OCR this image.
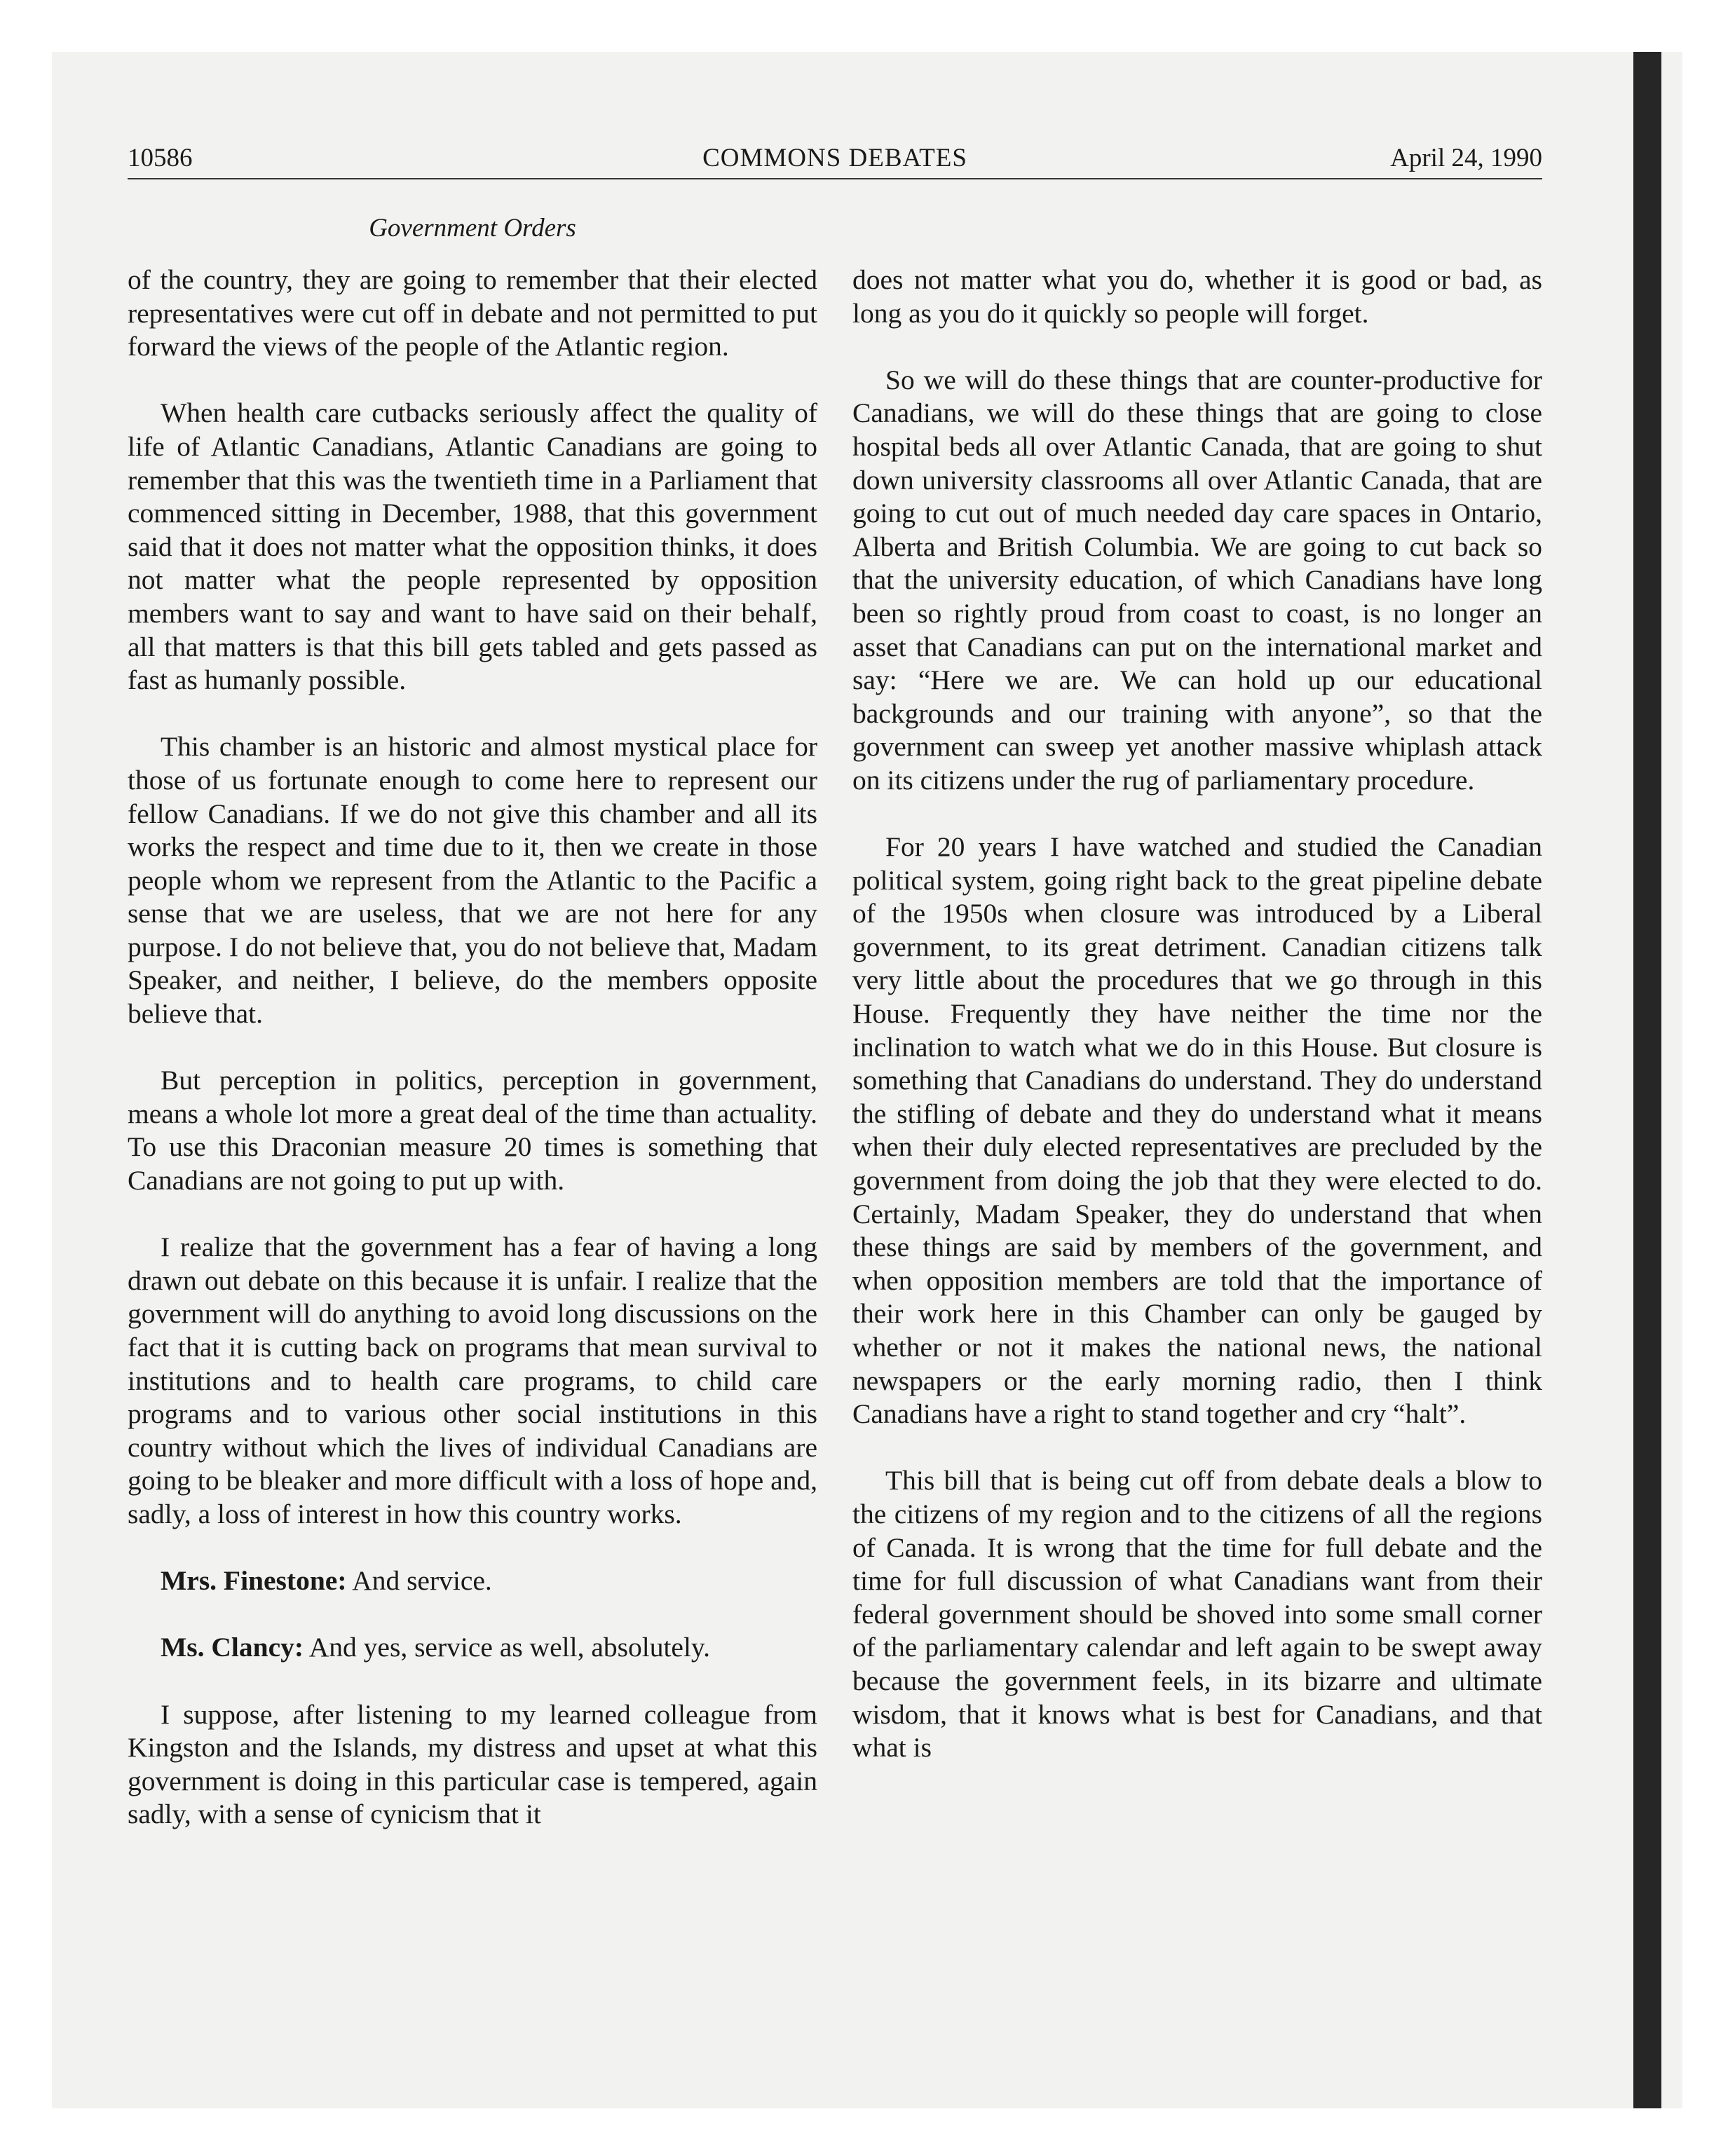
10586	COMMONS DEBATES	April 24, 1990
Government Orders

of the country, they are going to remember that their elected representatives were cut off in debate and not permitted to put forward the views of the people of the Atlantic region.

When health care cutbacks seriously affect the quality of life of Atlantic Canadians, Atlantic Canadians are going to remember that this was the twentieth time in a Parliament that commenced sitting in December, 1988, that this government said that it does not matter what the opposition thinks, it does not matter what the people represented by opposition members want to say and want to have said on their behalf, all that matters is that this bill gets tabled and gets passed as fast as humanly possible.

This chamber is an historic and almost mystical place for those of us fortunate enough to come here to represent our fellow Canadians. If we do not give this chamber and all its works the respect and time due to it, then we create in those people whom we represent from the Atlantic to the Pacific a sense that we are useless, that we are not here for any purpose. I do not believe that, you do not believe that, Madam Speaker, and neither, I believe, do the members opposite believe that.

But perception in politics, perception in government, means a whole lot more a great deal of the time than actuality. To use this Draconian measure 20 times is something that Canadians are not going to put up with.

I realize that the government has a fear of having a long drawn out debate on this because it is unfair. I realize that the government will do anything to avoid long discussions on the fact that it is cutting back on programs that mean survival to institutions and to health care programs, to child care programs and to various other social institutions in this country without which the lives of individual Canadians are going to be bleaker and more difficult with a loss of hope and, sadly, a loss of interest in how this country works.

Mrs. Finestone: And service.

Ms. Clancy: And yes, service as well, absolutely.

I suppose, after listening to my learned colleague from Kingston and the Islands, my distress and upset at what this government is doing in this particular case is tempered, again sadly, with a sense of cynicism that it

does not matter what you do, whether it is good or bad, as long as you do it quickly so people will forget.

So we will do these things that are counter-productive for Canadians, we will do these things that are going to close hospital beds all over Atlantic Canada, that are going to shut down university classrooms all over Atlantic Canada, that are going to cut out of much needed day care spaces in Ontario, Alberta and British Columbia. We are going to cut back so that the university education, of which Canadians have long been so rightly proud from coast to coast, is no longer an asset that Canadians can put on the international market and say: “Here we are. We can hold up our educational backgrounds and our training with anyone”, so that the government can sweep yet another massive whiplash attack on its citizens under the rug of parliamentary procedure.

For 20 years I have watched and studied the Canadian political system, going right back to the great pipeline debate of the 1950s when closure was introduced by a Liberal government, to its great detriment. Canadian citizens talk very little about the procedures that we go through in this House. Frequently they have neither the time nor the inclination to watch what we do in this House. But closure is something that Canadians do understand. They do understand the stifling of debate and they do understand what it means when their duly elected representatives are precluded by the government from doing the job that they were elected to do. Certainly, Madam Speaker, they do understand that when these things are said by members of the government, and when opposition members are told that the importance of their work here in this Chamber can only be gauged by whether or not it makes the national news, the national newspapers or the early morning radio, then I think Canadians have a right to stand together and cry “halt”.

This bill that is being cut off from debate deals a blow to the citizens of my region and to the citizens of all the regions of Canada. It is wrong that the time for full debate and the time for full discussion of what Canadians want from their federal government should be shoved into some small corner of the parliamentary calendar and left again to be swept away because the government feels, in its bizarre and ultimate wisdom, that it knows what is best for Canadians, and that what is
